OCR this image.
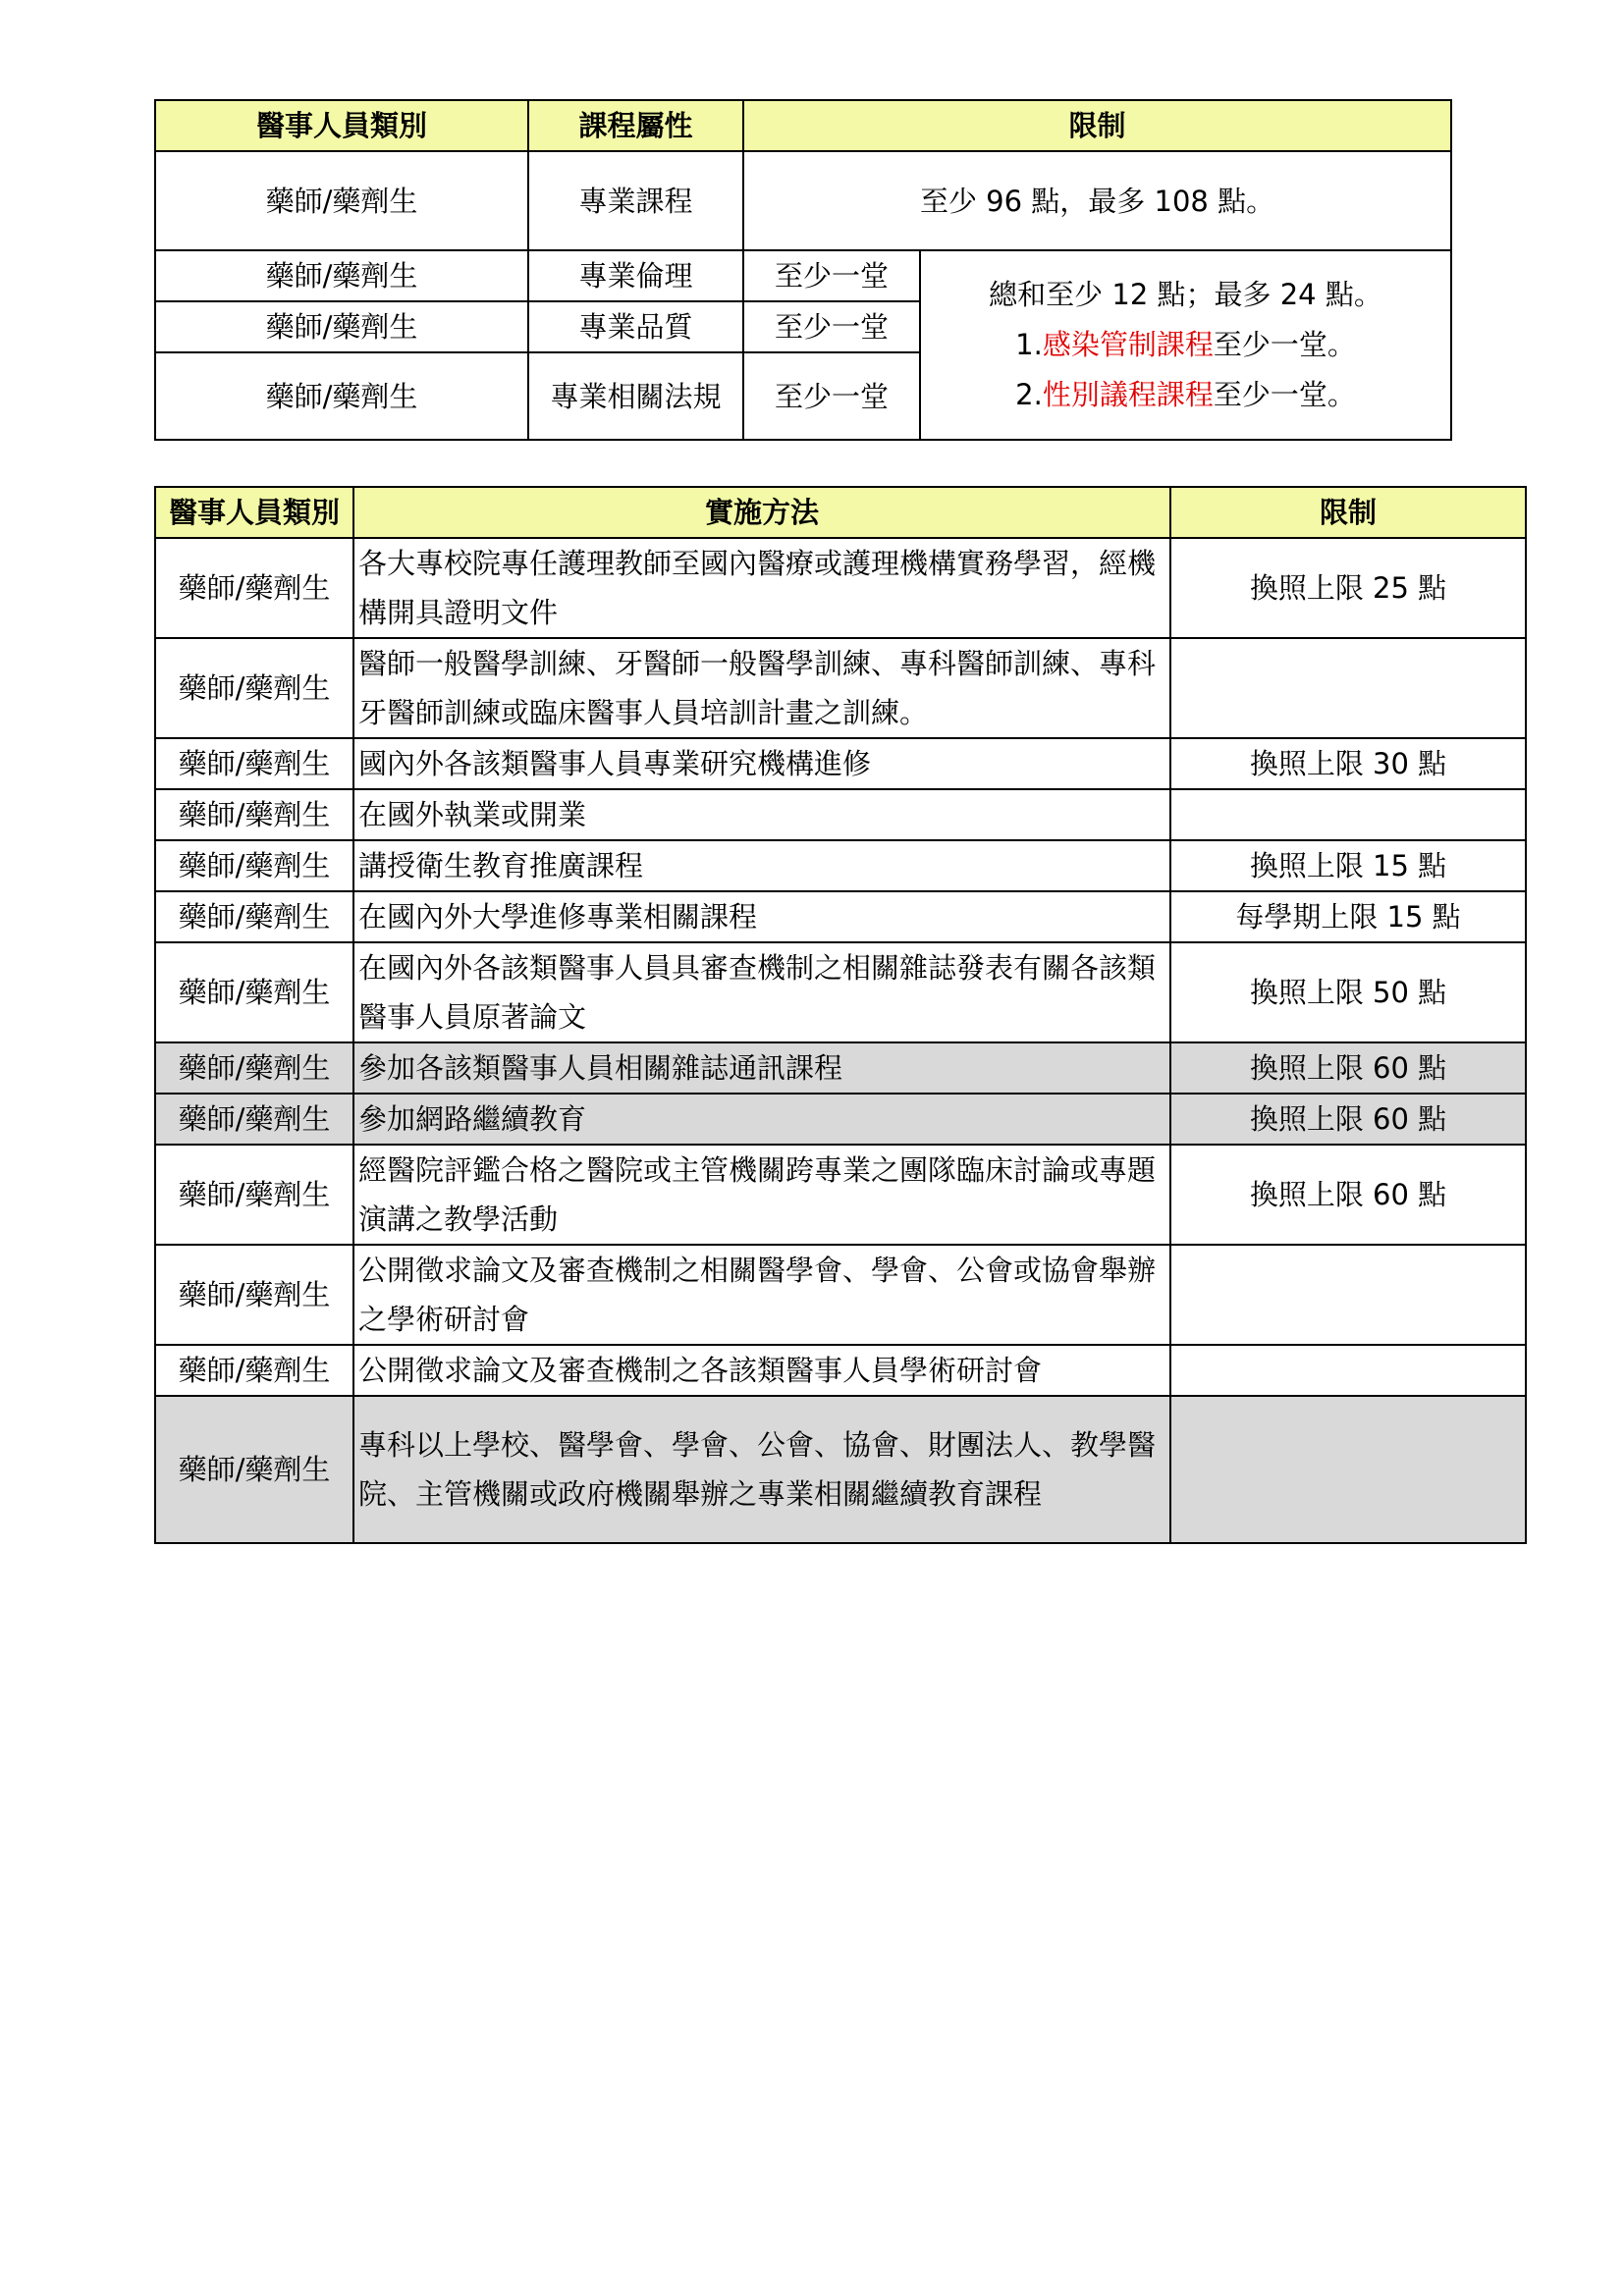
醫事人員類別	課程屬性	限制	
藥師/藥劑生	專業課程	至少 96 點，最多 108 點。	
藥師/藥劑生	專業倫理	至少一堂	總和至少 12 點；最多 24 點。
1.感染管制課程至少一堂。
2.性別議程課程至少一堂。

藥師/藥劑生	專業品質	至少一堂	
藥師/藥劑生	專業相關法規	至少一堂	
醫事人員類別	實施方法	限制
藥師/藥劑生	各大專校院專任護理教師至國內醫療或護理機構實務學習，經機構開具證明文件	換照上限 25 點
藥師/藥劑生	醫師一般醫學訓練、牙醫師一般醫學訓練、專科醫師訓練、專科牙醫師訓練或臨床醫事人員培訓計畫之訓練。	
藥師/藥劑生	國內外各該類醫事人員專業研究機構進修	換照上限 30 點
藥師/藥劑生	在國外執業或開業	
藥師/藥劑生	講授衛生教育推廣課程	換照上限 15 點
藥師/藥劑生	在國內外大學進修專業相關課程	每學期上限 15 點
藥師/藥劑生	在國內外各該類醫事人員具審查機制之相關雜誌發表有關各該類醫事人員原著論文	換照上限 50 點
藥師/藥劑生	參加各該類醫事人員相關雜誌通訊課程	換照上限 60 點
藥師/藥劑生	參加網路繼續教育	換照上限 60 點
藥師/藥劑生	經醫院評鑑合格之醫院或主管機關跨專業之團隊臨床討論或專題演講之教學活動	換照上限 60 點
藥師/藥劑生	公開徵求論文及審查機制之相關醫學會、學會、公會或協會舉辦之學術研討會	
藥師/藥劑生	公開徵求論文及審查機制之各該類醫事人員學術研討會	
藥師/藥劑生	專科以上學校、醫學會、學會、公會、協會、財團法人、教學醫院、主管機關或政府機關舉辦之專業相關繼續教育課程	
